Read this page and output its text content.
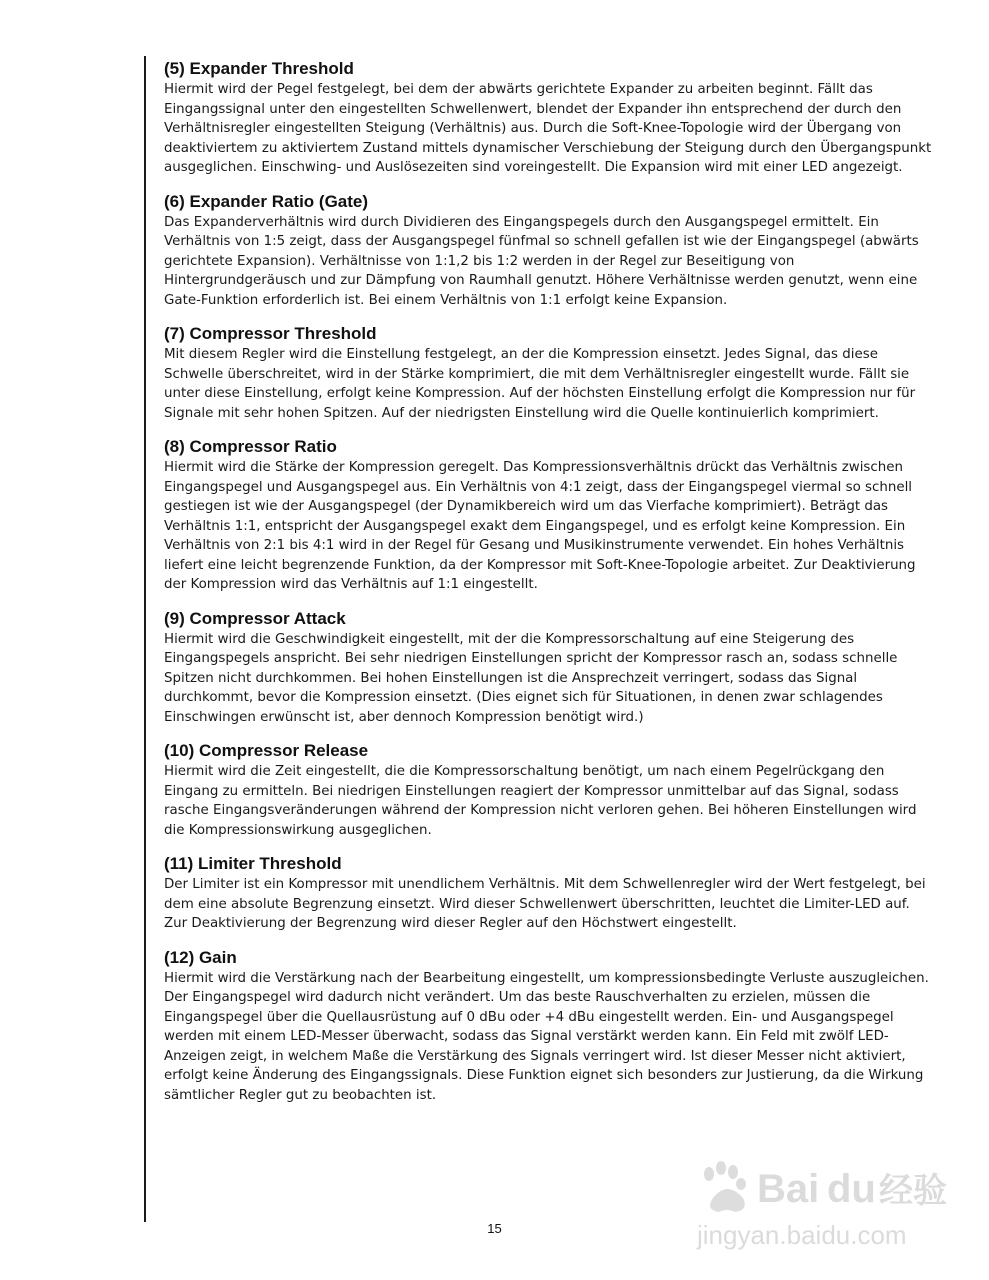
(5) Expander Threshold

Hiermit wird der Pegel festgelegt, bei dem der abwärts gerichtete Expander zu arbeiten beginnt. Fällt das Eingangssignal unter den eingestellten Schwellenwert, blendet der Expander ihn entsprechend der durch den Verhältnisregler eingestellten Steigung (Verhältnis) aus. Durch die Soft-Knee-Topologie wird der Übergang von deaktiviertem zu aktiviertem Zustand mittels dynamischer Verschiebung der Steigung durch den Übergangspunkt ausgeglichen. Einschwing- und Auslösezeiten sind voreingestellt. Die Expansion wird mit einer LED angezeigt.

(6) Expander Ratio (Gate)

Das Expanderverhältnis wird durch Dividieren des Eingangspegels durch den Ausgangspegel ermittelt. Ein Verhältnis von 1:5 zeigt, dass der Ausgangspegel fünfmal so schnell gefallen ist wie der Eingangspegel (abwärts gerichtete Expansion). Verhältnisse von 1:1,2 bis 1:2 werden in der Regel zur Beseitigung von Hintergrundgeräusch und zur Dämpfung von Raumhall genutzt. Höhere Verhältnisse werden genutzt, wenn eine Gate-Funktion erforderlich ist. Bei einem Verhältnis von 1:1 erfolgt keine Expansion.

(7) Compressor Threshold

Mit diesem Regler wird die Einstellung festgelegt, an der die Kompression einsetzt. Jedes Signal, das diese Schwelle überschreitet, wird in der Stärke komprimiert, die mit dem Verhältnisregler eingestellt wurde. Fällt sie unter diese Einstellung, erfolgt keine Kompression. Auf der höchsten Einstellung erfolgt die Kompression nur für Signale mit sehr hohen Spitzen. Auf der niedrigsten Einstellung wird die Quelle kontinuierlich komprimiert.

(8) Compressor Ratio

Hiermit wird die Stärke der Kompression geregelt. Das Kompressionsverhältnis drückt das Verhältnis zwischen Eingangspegel und Ausgangspegel aus. Ein Verhältnis von 4:1 zeigt, dass der Eingangspegel viermal so schnell gestiegen ist wie der Ausgangspegel (der Dynamikbereich wird um das Vierfache komprimiert). Beträgt das Verhältnis 1:1, entspricht der Ausgangspegel exakt dem Eingangspegel, und es erfolgt keine Kompression. Ein Verhältnis von 2:1 bis 4:1 wird in der Regel für Gesang und Musikinstrumente verwendet. Ein hohes Verhältnis liefert eine leicht begrenzende Funktion, da der Kompressor mit Soft-Knee-Topologie arbeitet. Zur Deaktivierung der Kompression wird das Verhältnis auf 1:1 eingestellt.

(9) Compressor Attack

Hiermit wird die Geschwindigkeit eingestellt, mit der die Kompressorschaltung auf eine Steigerung des Eingangspegels anspricht. Bei sehr niedrigen Einstellungen spricht der Kompressor rasch an, sodass schnelle Spitzen nicht durchkommen. Bei hohen Einstellungen ist die Ansprechzeit verringert, sodass das Signal durchkommt, bevor die Kompression einsetzt. (Dies eignet sich für Situationen, in denen zwar schlagendes Einschwingen erwünscht ist, aber dennoch Kompression benötigt wird.)

(10) Compressor Release

Hiermit wird die Zeit eingestellt, die die Kompressorschaltung benötigt, um nach einem Pegelrückgang den Eingang zu ermitteln. Bei niedrigen Einstellungen reagiert der Kompressor unmittelbar auf das Signal, sodass rasche Eingangsveränderungen während der Kompression nicht verloren gehen. Bei höheren Einstellungen wird die Kompressionswirkung ausgeglichen.

(11) Limiter Threshold

Der Limiter ist ein Kompressor mit unendlichem Verhältnis. Mit dem Schwellenregler wird der Wert festgelegt, bei dem eine absolute Begrenzung einsetzt. Wird dieser Schwellenwert überschritten, leuchtet die Limiter-LED auf. Zur Deaktivierung der Begrenzung wird dieser Regler auf den Höchstwert eingestellt.

(12) Gain

Hiermit wird die Verstärkung nach der Bearbeitung eingestellt, um kompressionsbedingte Verluste auszugleichen. Der Eingangspegel wird dadurch nicht verändert. Um das beste Rauschverhalten zu erzielen, müssen die Eingangspegel über die Quellausrüstung auf 0 dBu oder +4 dBu eingestellt werden. Ein- und Ausgangspegel werden mit einem LED-Messer überwacht, sodass das Signal verstärkt werden kann. Ein Feld mit zwölf LED-Anzeigen zeigt, in welchem Maße die Verstärkung des Signals verringert wird. Ist dieser Messer nicht aktiviert, erfolgt keine Änderung des Eingangssignals. Diese Funktion eignet sich besonders zur Justierung, da die Wirkung sämtlicher Regler gut zu beobachten ist.

15
Bai du 经验
jingyan.baidu.com
